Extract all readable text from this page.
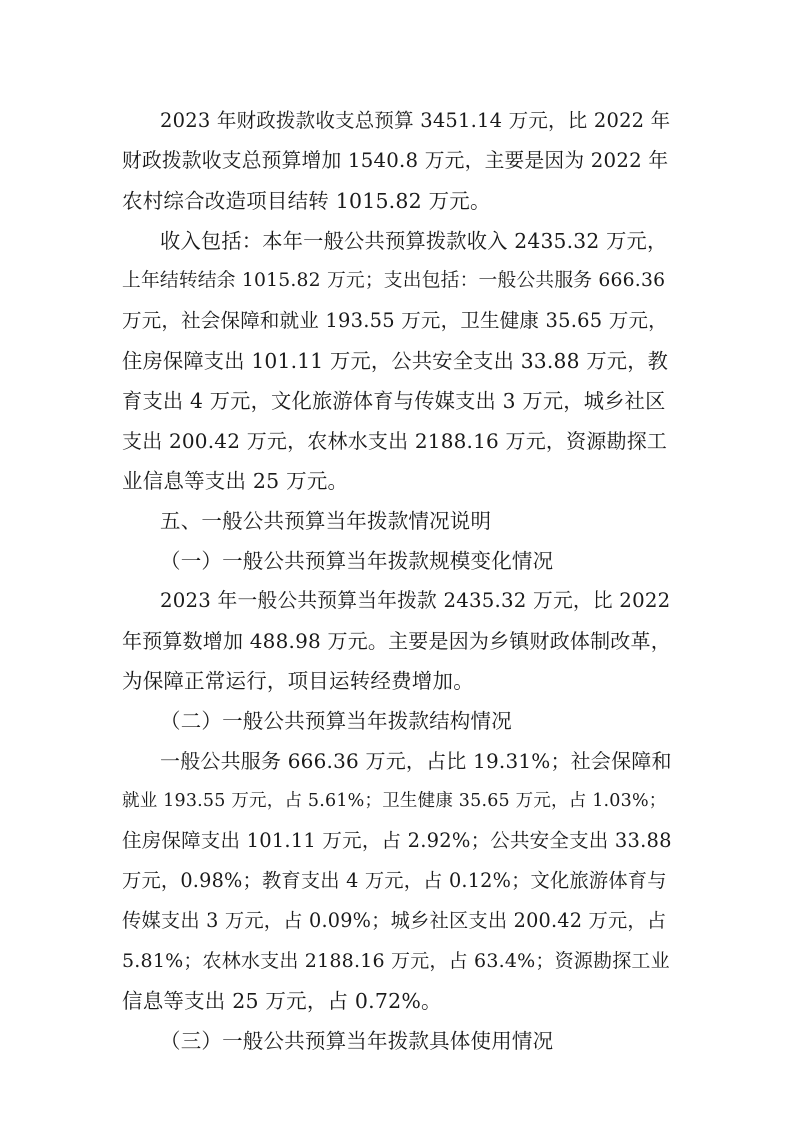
2023 年财政拨款收支总预算 3451.14 万元，比 2022 年
财政拨款收支总预算增加 1540.8 万元，主要是因为 2022 年
农村综合改造项目结转 1015.82 万元。
收入包括：本年一般公共预算拨款收入 2435.32 万元，
上年结转结余 1015.82 万元；支出包括：一般公共服务 666.36
万元，社会保障和就业 193.55 万元，卫生健康 35.65 万元，
住房保障支出 101.11 万元，公共安全支出 33.88 万元，教
育支出 4 万元，文化旅游体育与传媒支出 3 万元，城乡社区
支出 200.42 万元，农林水支出 2188.16 万元，资源勘探工
业信息等支出 25 万元。
五、一般公共预算当年拨款情况说明
（一）一般公共预算当年拨款规模变化情况
2023 年一般公共预算当年拨款 2435.32 万元，比 2022
年预算数增加 488.98 万元。主要是因为乡镇财政体制改革，
为保障正常运行，项目运转经费增加。
（二）一般公共预算当年拨款结构情况
一般公共服务 666.36 万元，占比 19.31%；社会保障和
就业 193.55 万元，占 5.61%；卫生健康 35.65 万元，占 1.03%；
住房保障支出 101.11 万元，占 2.92%；公共安全支出 33.88
万元，0.98%；教育支出 4 万元，占 0.12%；文化旅游体育与
传媒支出 3 万元，占 0.09%；城乡社区支出 200.42 万元，占
5.81%；农林水支出 2188.16 万元，占 63.4%；资源勘探工业
信息等支出 25 万元，占 0.72%。
（三）一般公共预算当年拨款具体使用情况
